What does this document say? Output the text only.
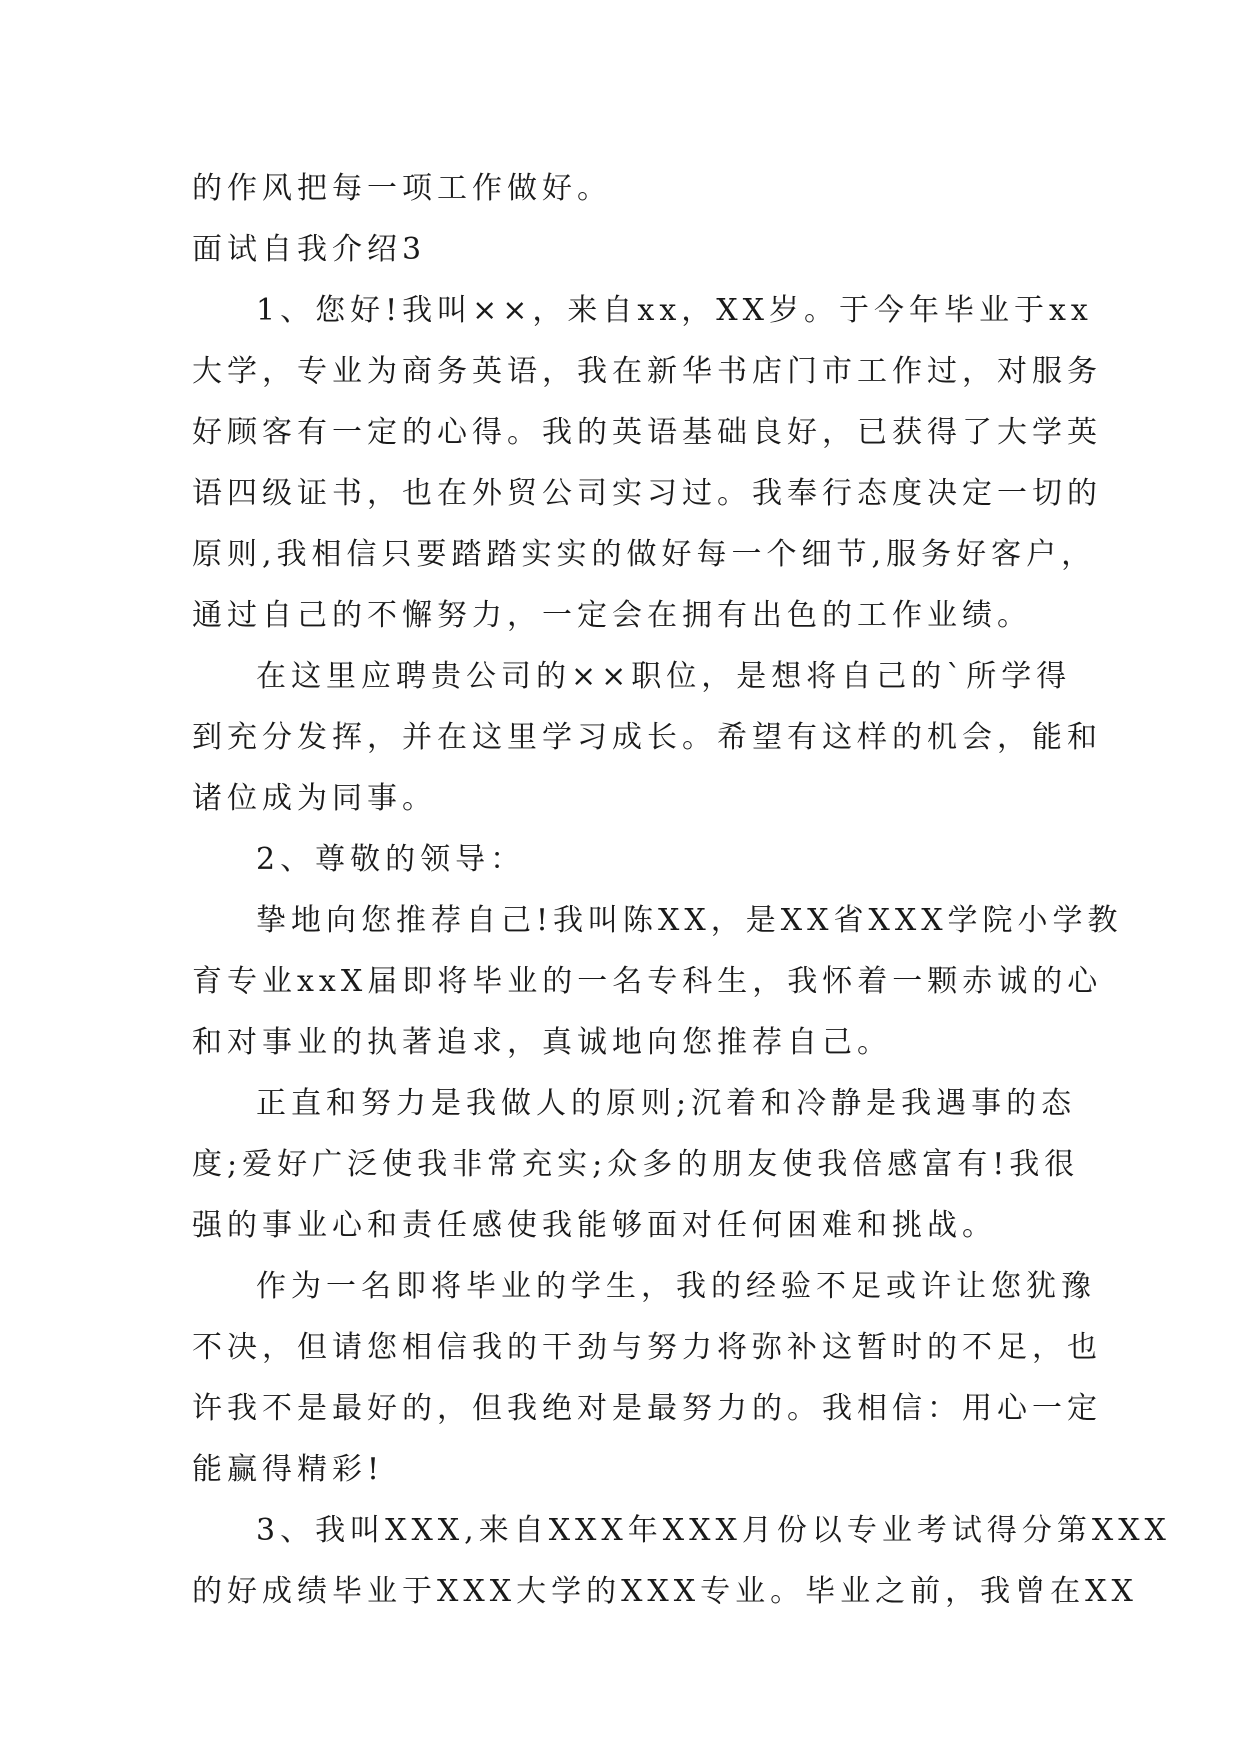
的作风把每一项工作做好。
面试自我介绍3
1、您好!我叫××，来自xx，XX岁。于今年毕业于xx
大学，专业为商务英语，我在新华书店门市工作过，对服务
好顾客有一定的心得。我的英语基础良好，已获得了大学英
语四级证书，也在外贸公司实习过。我奉行态度决定一切的
原则,我相信只要踏踏实实的做好每一个细节,服务好客户，
通过自己的不懈努力，一定会在拥有出色的工作业绩。
在这里应聘贵公司的××职位，是想将自己的`所学得
到充分发挥，并在这里学习成长。希望有这样的机会，能和
诸位成为同事。
2、尊敬的领导：
挚地向您推荐自己!我叫陈XX，是XX省XXX学院小学教
育专业xxX届即将毕业的一名专科生，我怀着一颗赤诚的心
和对事业的执著追求，真诚地向您推荐自己。
正直和努力是我做人的原则;沉着和冷静是我遇事的态
度;爱好广泛使我非常充实;众多的朋友使我倍感富有!我很
强的事业心和责任感使我能够面对任何困难和挑战。
作为一名即将毕业的学生，我的经验不足或许让您犹豫
不决，但请您相信我的干劲与努力将弥补这暂时的不足，也
许我不是最好的，但我绝对是最努力的。我相信：用心一定
能赢得精彩!
3、我叫XXX,来自XXX年XXX月份以专业考试得分第XXX
的好成绩毕业于XXX大学的XXX专业。毕业之前，我曾在XX
